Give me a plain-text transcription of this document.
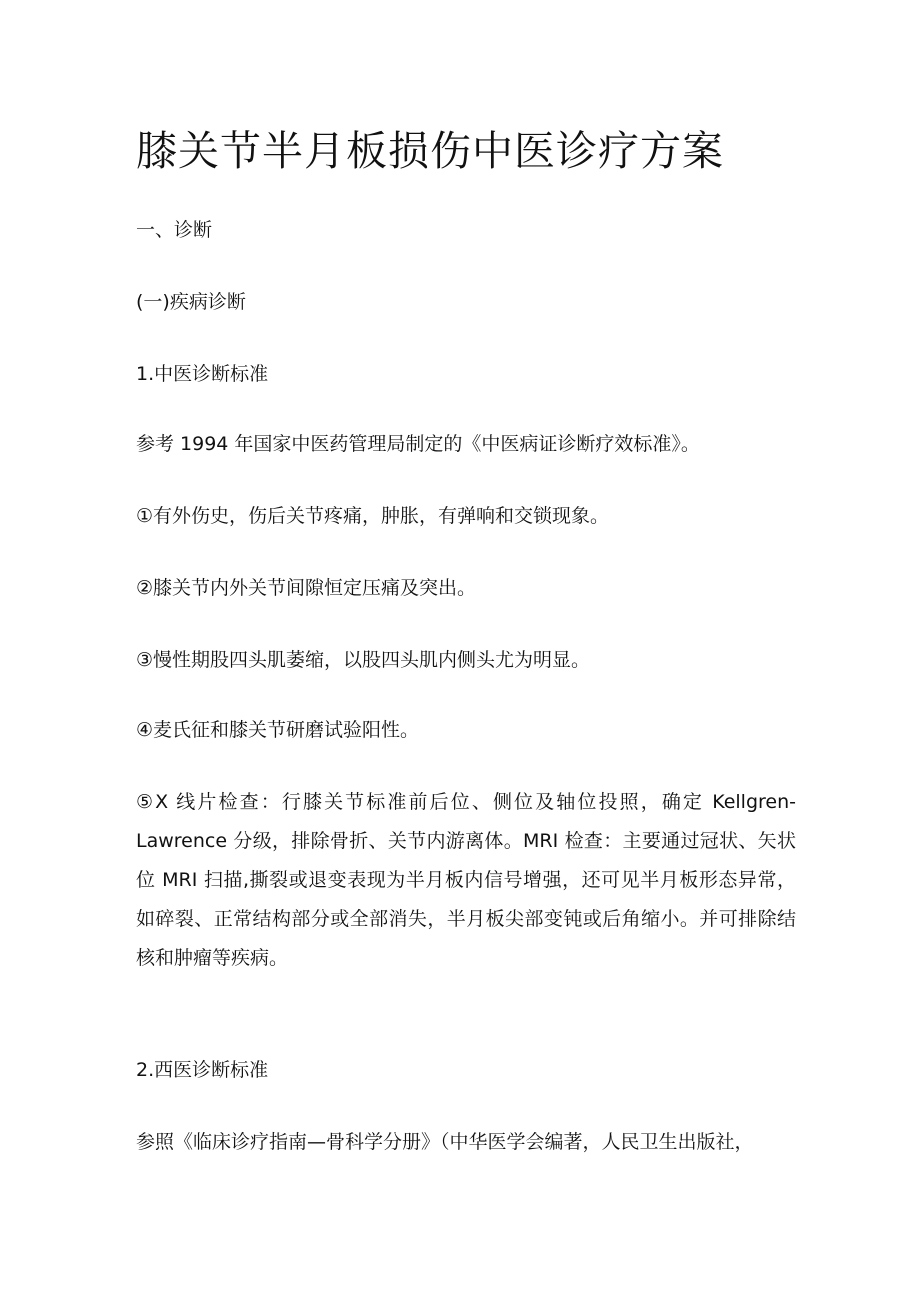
膝关节半月板损伤中医诊疗方案

一、诊断

(一)疾病诊断

1.中医诊断标准

参考 1994 年国家中医药管理局制定的《中医病证诊断疗效标准》。

①有外伤史，伤后关节疼痛，肿胀，有弹响和交锁现象。

②膝关节内外关节间隙恒定压痛及突出。

③慢性期股四头肌萎缩，以股四头肌内侧头尤为明显。

④麦氏征和膝关节研磨试验阳性。

⑤X 线片检查：行膝关节标准前后位、侧位及轴位投照，确定 Kellgren-Lawrence 分级，排除骨折、关节内游离体。MRI 检查：主要通过冠状、矢状位 MRI 扫描,撕裂或退变表现为半月板内信号增强，还可见半月板形态异常，如碎裂、正常结构部分或全部消失，半月板尖部变钝或后角缩小。并可排除结核和肿瘤等疾病。

2.西医诊断标准

参照《临床诊疗指南—骨科学分册》（中华医学会编著，人民卫生出版社，
